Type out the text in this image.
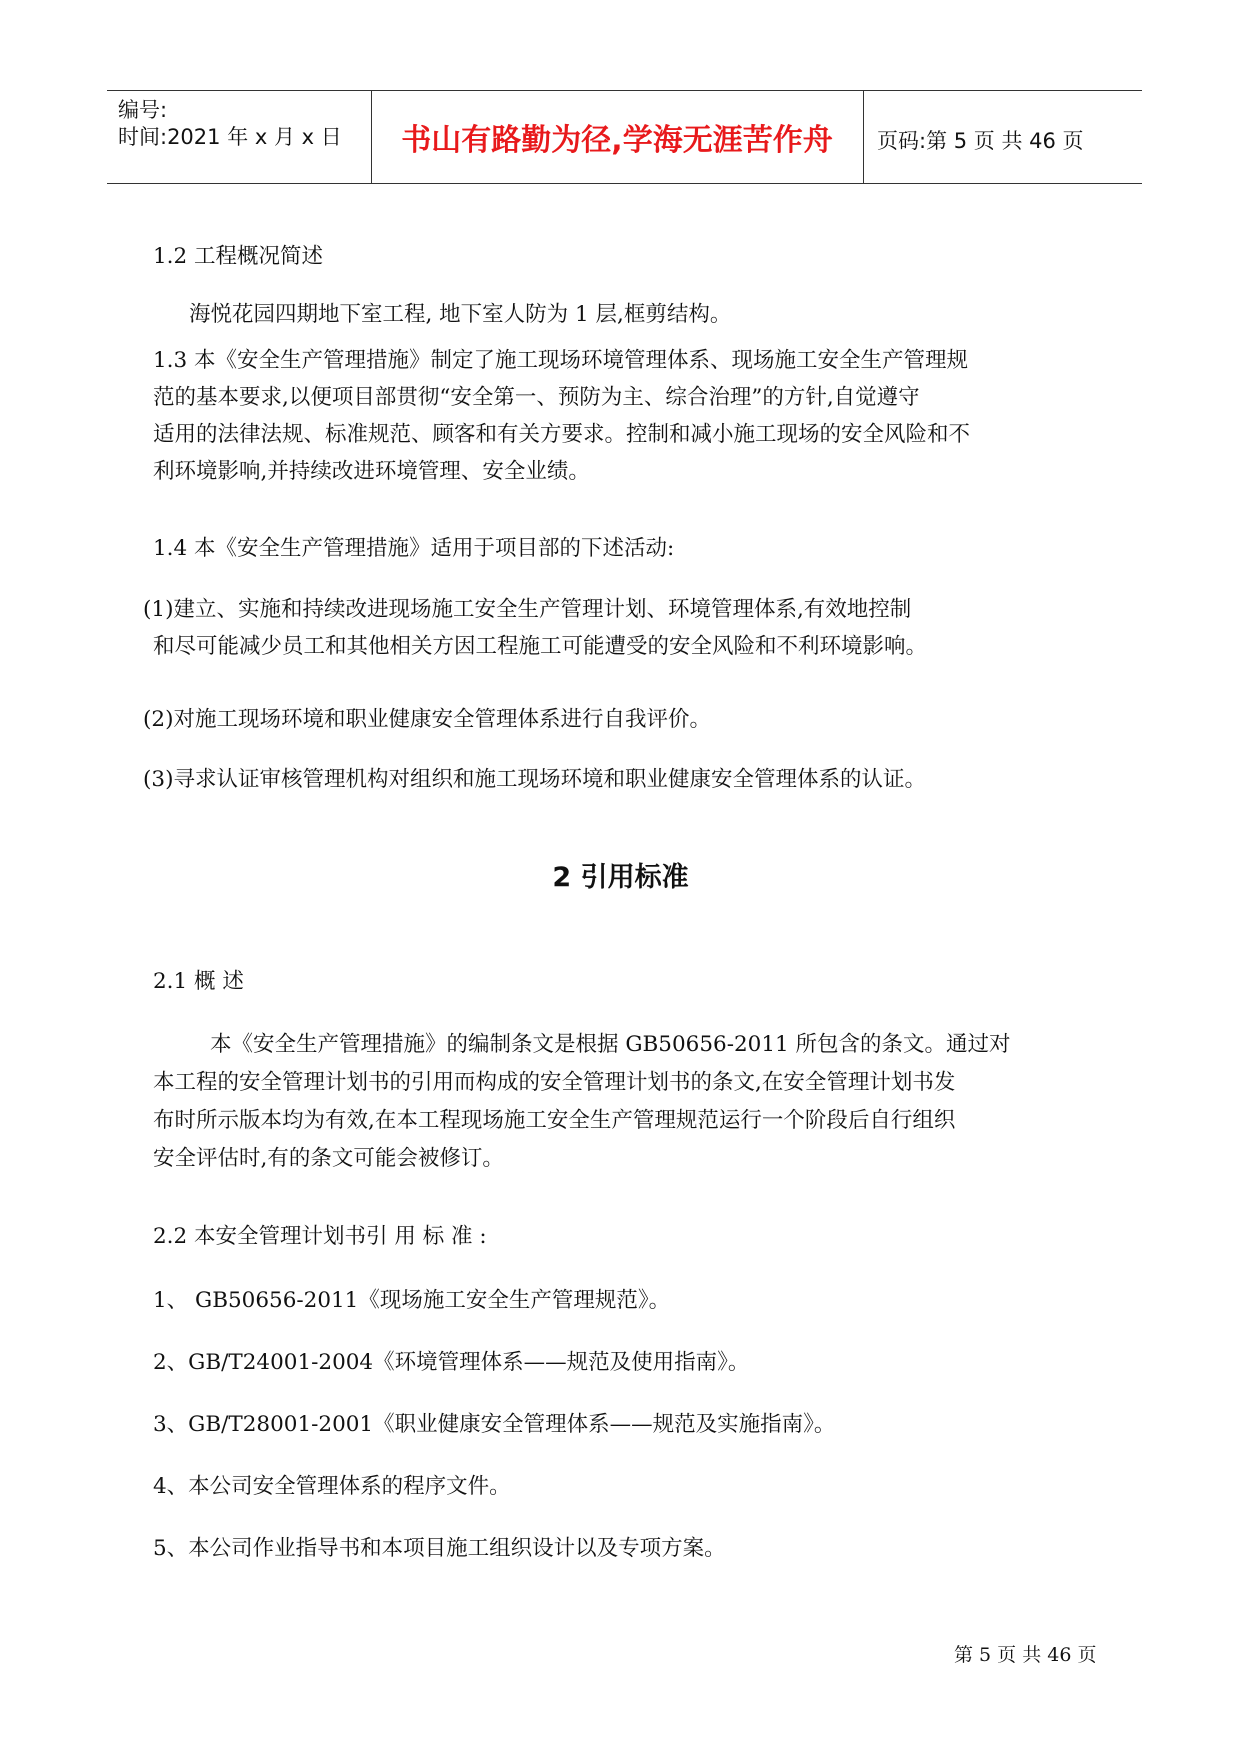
编号:
时间:2021 年 x 月 x 日	书山有路勤为径,学海无涯苦作舟	页码:第 5 页 共 46 页
1.2 工程概况简述
海悦花园四期地下室工程, 地下室人防为 1 层,框剪结构。
1.3 本《安全生产管理措施》制定了施工现场环境管理体系、现场施工安全生产管理规
范的基本要求,以便项目部贯彻“安全第一、预防为主、综合治理”的方针,自觉遵守
适用的法律法规、标准规范、顾客和有关方要求。控制和减小施工现场的安全风险和不
利环境影响,并持续改进环境管理、安全业绩。
1.4 本《安全生产管理措施》适用于项目部的下述活动:
(1)建立、实施和持续改进现场施工安全生产管理计划、环境管理体系,有效地控制
和尽可能减少员工和其他相关方因工程施工可能遭受的安全风险和不利环境影响。
(2)对施工现场环境和职业健康安全管理体系进行自我评价。
(3)寻求认证审核管理机构对组织和施工现场环境和职业健康安全管理体系的认证。
2 引用标准
2.1 概 述
本《安全生产管理措施》的编制条文是根据 GB50656-2011 所包含的条文。通过对
本工程的安全管理计划书的引用而构成的安全管理计划书的条文,在安全管理计划书发
布时所示版本均为有效,在本工程现场施工安全生产管理规范运行一个阶段后自行组织
安全评估时,有的条文可能会被修订。
2.2 本安全管理计划书引 用 标 准 :
1、 GB50656-2011《现场施工安全生产管理规范》。
2、GB/T24001-2004《环境管理体系——规范及使用指南》。
3、GB/T28001-2001《职业健康安全管理体系——规范及实施指南》。
4、本公司安全管理体系的程序文件。
5、本公司作业指导书和本项目施工组织设计以及专项方案。
第 5 页 共 46 页
